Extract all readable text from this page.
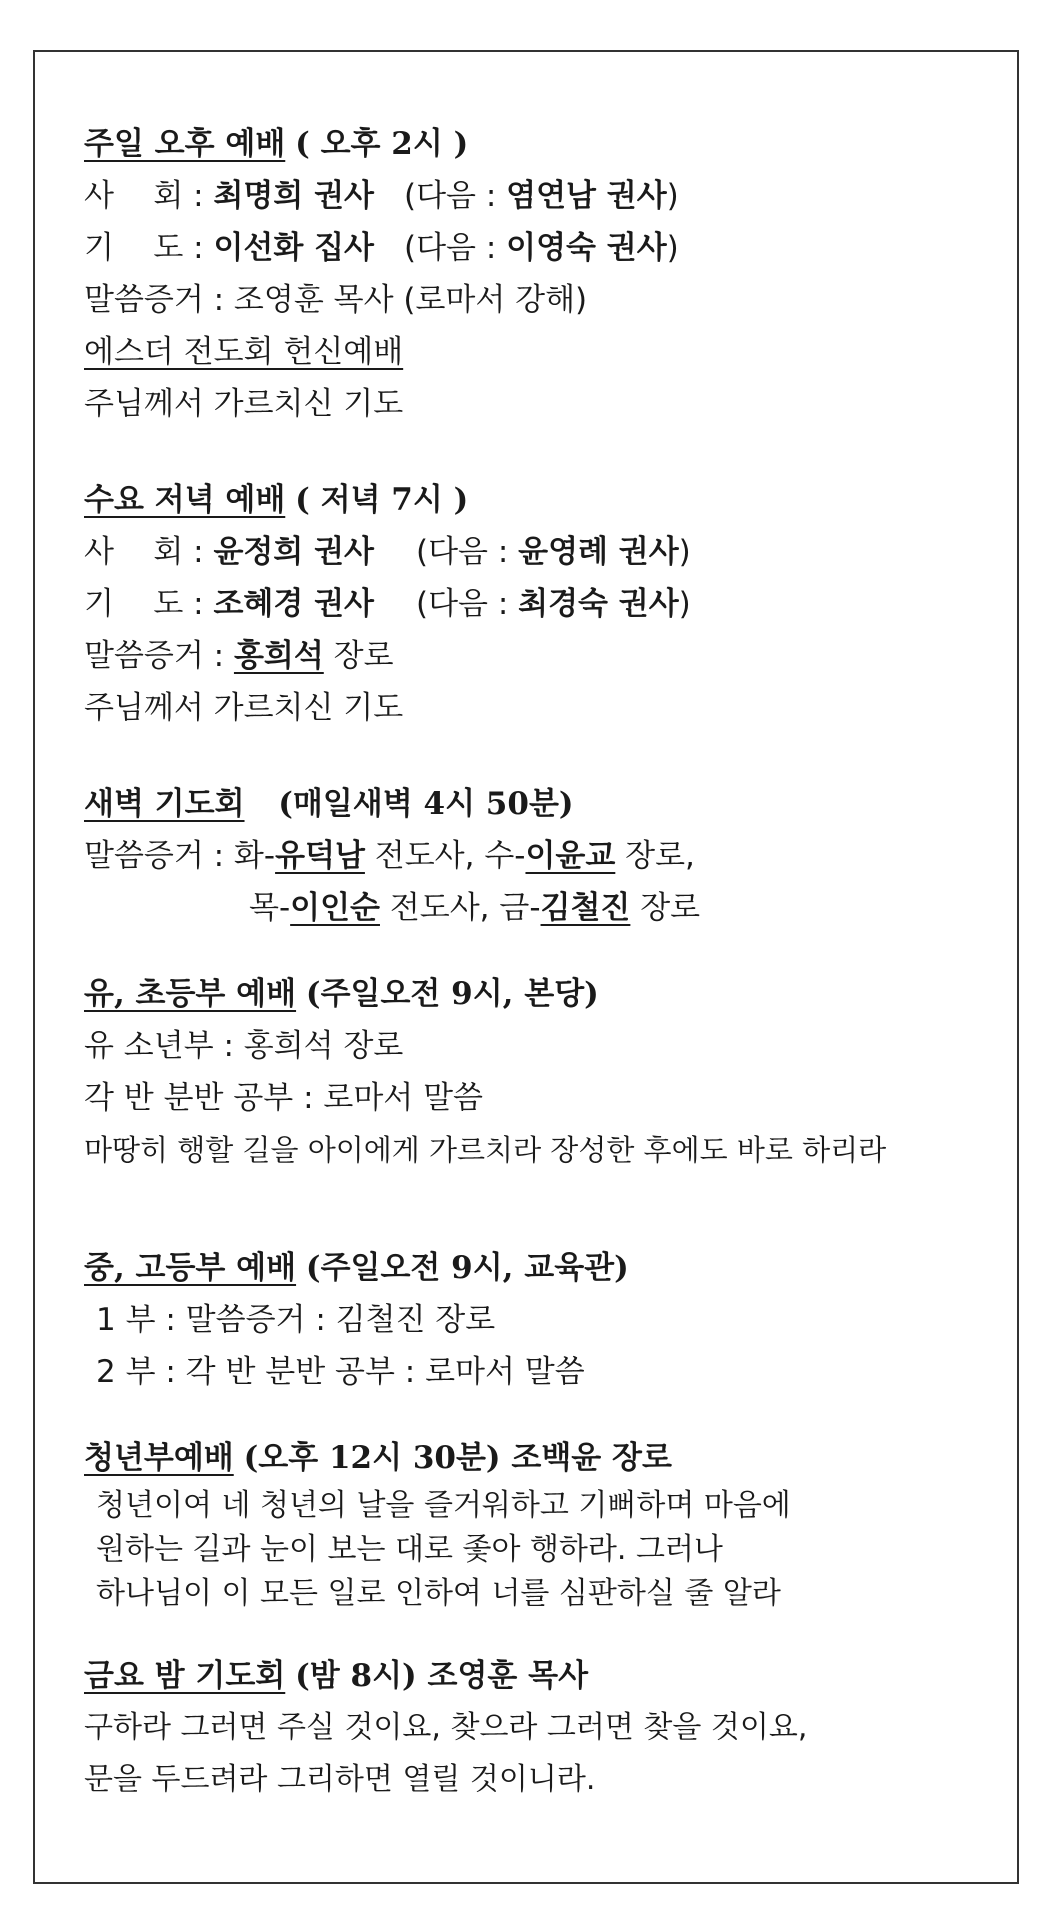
주일 오후 예배 ( 오후 2시 )
사    회 : 최명희 권사 (다음 : 염연남 권사)
기    도 : 이선화 집사 (다음 : 이영숙 권사)
말씀증거 : 조영훈 목사 (로마서 강해)
에스더 전도회 헌신예배
주님께서 가르치신 기도
수요 저녁 예배 ( 저녁 7시 )
사    회 : 윤정희 권사 (다음 : 윤영례 권사)
기    도 : 조혜경 권사 (다음 : 최경숙 권사)
말씀증거 : 홍희석 장로
주님께서 가르치신 기도
새벽 기도회 (매일새벽 4시 50분)
말씀증거 : 화-유덕남 전도사, 수-이윤교 장로,
목-이인순 전도사, 금-김철진 장로
유, 초등부 예배 (주일오전 9시, 본당)
유 소년부 : 홍희석 장로
각 반 분반 공부 : 로마서 말씀
마땅히 행할 길을 아이에게 가르치라 장성한 후에도 바로 하리라
중, 고등부 예배 (주일오전 9시, 교육관)
1 부 : 말씀증거 : 김철진 장로
2 부 : 각 반 분반 공부 : 로마서 말씀
청년부예배 (오후 12시 30분) 조백윤 장로
청년이여 네 청년의 날을 즐거워하고 기뻐하며 마음에
원하는 길과 눈이 보는 대로 좇아 행하라. 그러나
하나님이 이 모든 일로 인하여 너를 심판하실 줄 알라
금요 밤 기도회 (밤 8시) 조영훈 목사
구하라 그러면 주실 것이요, 찾으라 그러면 찾을 것이요,
문을 두드려라 그리하면 열릴 것이니라.
